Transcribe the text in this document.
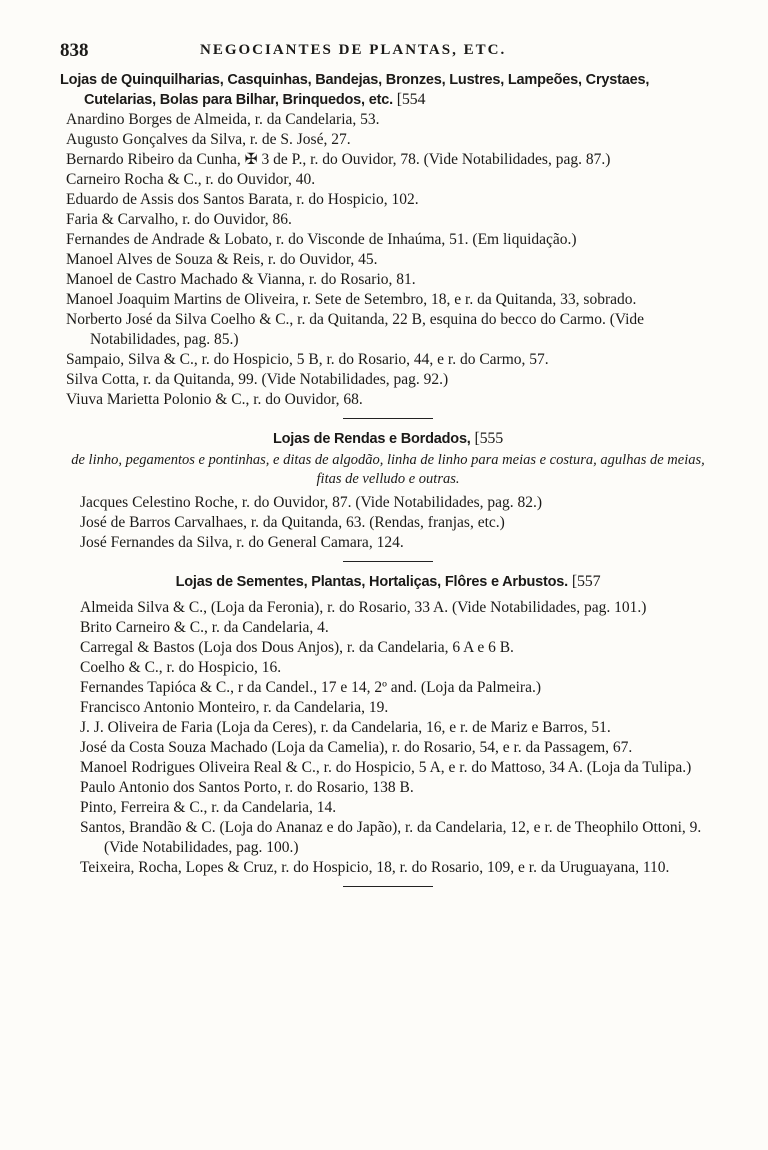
838	NEGOCIANTES DE PLANTAS, ETC.
Lojas de Quinquilharias, Casquinhas, Bandejas, Bronzes, Lustres, Lampeões, Crystaes, Cutelarias, Bolas para Bilhar, Brinquedos, etc. [554
Anardino Borges de Almeida, r. da Candelaria, 53.
Augusto Gonçalves da Silva, r. de S. José, 27.
Bernardo Ribeiro da Cunha, ✠ 3 de P., r. do Ouvidor, 78. (Vide Notabilidades, pag. 87.)
Carneiro Rocha & C., r. do Ouvidor, 40.
Eduardo de Assis dos Santos Barata, r. do Hospicio, 102.
Faria & Carvalho, r. do Ouvidor, 86.
Fernandes de Andrade & Lobato, r. do Visconde de Inhaúma, 51. (Em liquidação.)
Manoel Alves de Souza & Reis, r. do Ouvidor, 45.
Manoel de Castro Machado & Vianna, r. do Rosario, 81.
Manoel Joaquim Martins de Oliveira, r. Sete de Setembro, 18, e r. da Quitanda, 33, sobrado.
Norberto José da Silva Coelho & C., r. da Quitanda, 22 B, esquina do becco do Carmo. (Vide Notabilidades, pag. 85.)
Sampaio, Silva & C., r. do Hospicio, 5 B, r. do Rosario, 44, e r. do Carmo, 57.
Silva Cotta, r. da Quitanda, 99. (Vide Notabilidades, pag. 92.)
Viuva Marietta Polonio & C., r. do Ouvidor, 68.
Lojas de Rendas e Bordados, [555
de linho, pegamentos e pontinhas, e ditas de algodão, linha de linho para meias e costura, agulhas de meias, fitas de velludo e outras.
Jacques Celestino Roche, r. do Ouvidor, 87. (Vide Notabilidades, pag. 82.)
José de Barros Carvalhaes, r. da Quitanda, 63. (Rendas, franjas, etc.)
José Fernandes da Silva, r. do General Camara, 124.
Lojas de Sementes, Plantas, Hortaliças, Flôres e Arbustos. [557
Almeida Silva & C., (Loja da Feronia), r. do Rosario, 33 A. (Vide Notabilidades, pag. 101.)
Brito Carneiro & C., r. da Candelaria, 4.
Carregal & Bastos (Loja dos Dous Anjos), r. da Candelaria, 6 A e 6 B.
Coelho & C., r. do Hospicio, 16.
Fernandes Tapióca & C., r da Candel., 17 e 14, 2º and. (Loja da Palmeira.)
Francisco Antonio Monteiro, r. da Candelaria, 19.
J. J. Oliveira de Faria (Loja da Ceres), r. da Candelaria, 16, e r. de Mariz e Barros, 51.
José da Costa Souza Machado (Loja da Camelia), r. do Rosario, 54, e r. da Passagem, 67.
Manoel Rodrigues Oliveira Real & C., r. do Hospicio, 5 A, e r. do Mattoso, 34 A. (Loja da Tulipa.)
Paulo Antonio dos Santos Porto, r. do Rosario, 138 B.
Pinto, Ferreira & C., r. da Candelaria, 14.
Santos, Brandão & C. (Loja do Ananaz e do Japão), r. da Candelaria, 12, e r. de Theophilo Ottoni, 9. (Vide Notabilidades, pag. 100.)
Teixeira, Rocha, Lopes & Cruz, r. do Hospicio, 18, r. do Rosario, 109, e r. da Uruguayana, 110.
